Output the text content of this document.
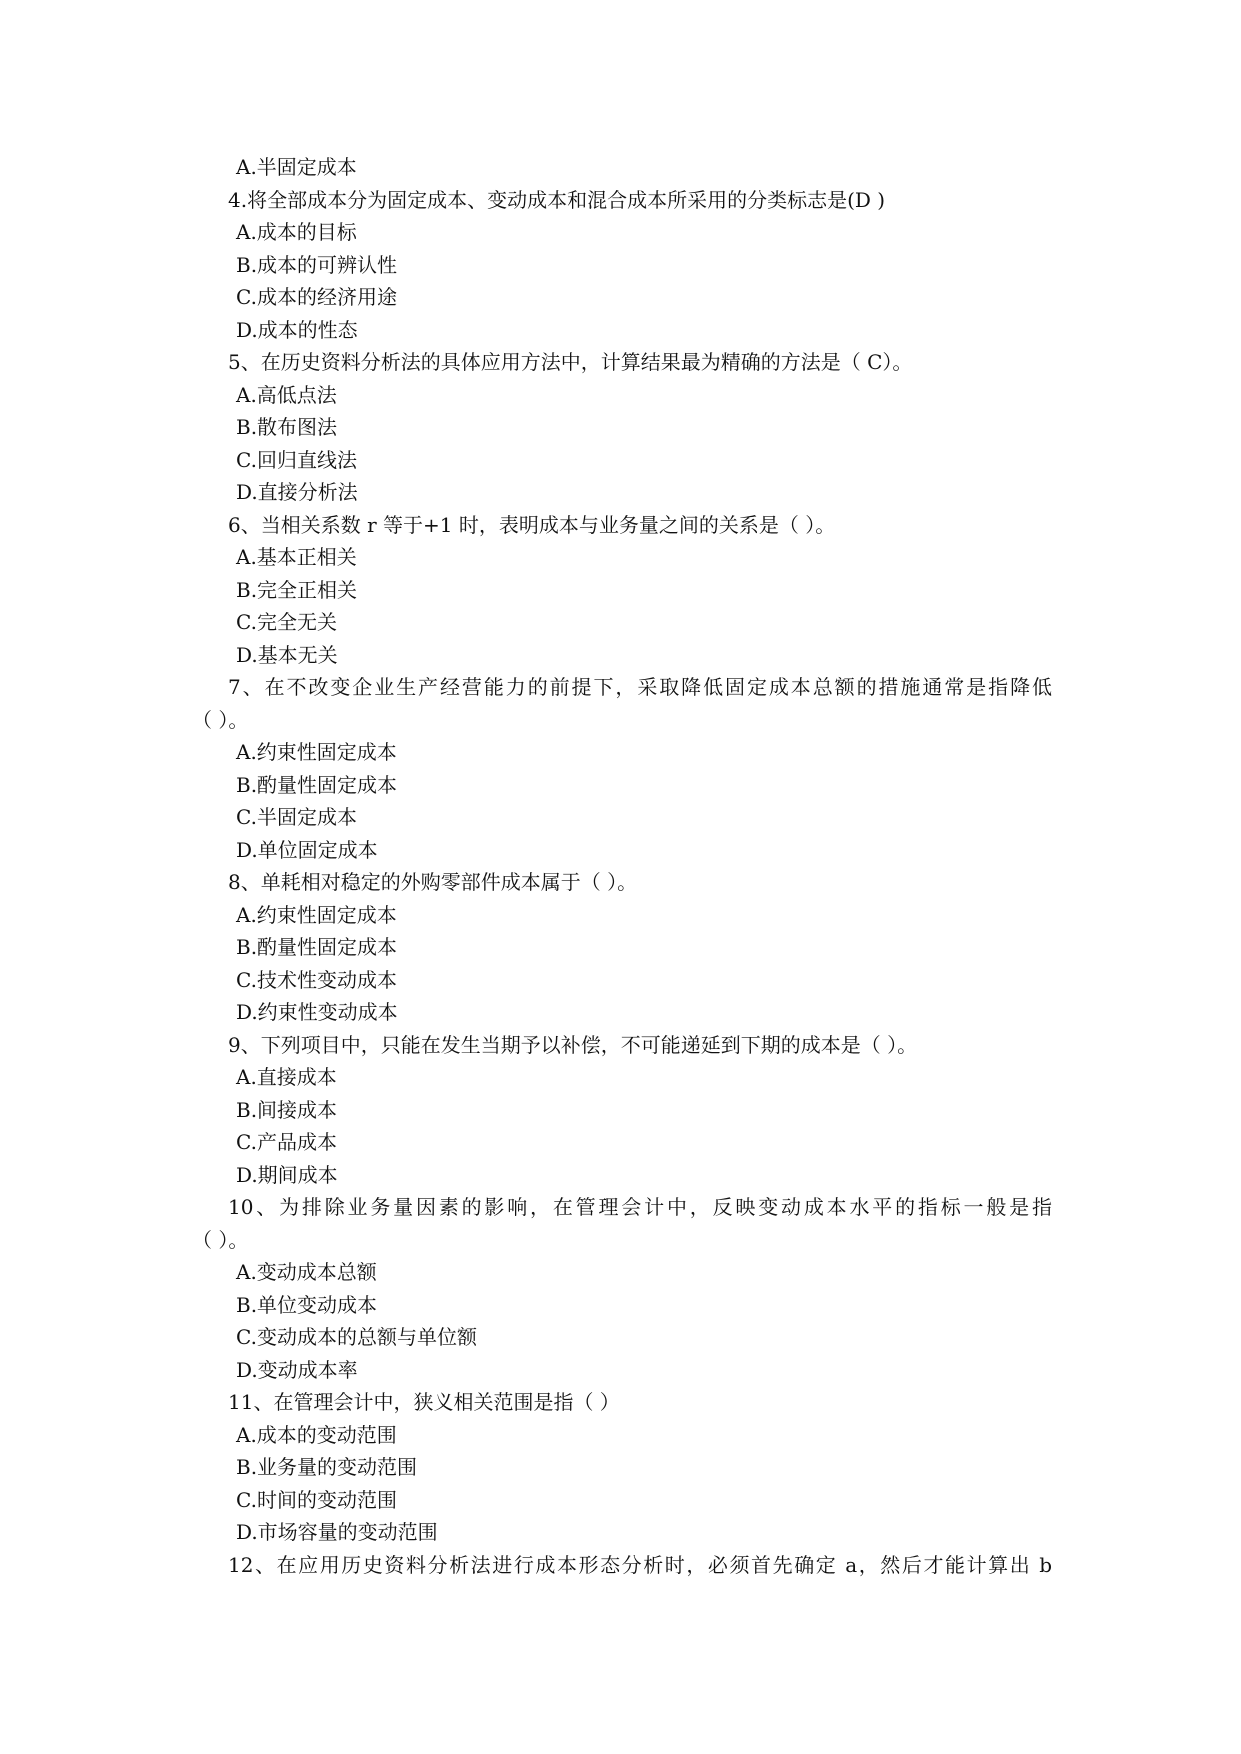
A.半固定成本
4.将全部成本分为固定成本、变动成本和混合成本所采用的分类标志是(D )
A.成本的目标
B.成本的可辨认性
C.成本的经济用途
D.成本的性态
5、在历史资料分析法的具体应用方法中，计算结果最为精确的方法是（ C）。
A.高低点法
B.散布图法
C.回归直线法
D.直接分析法
6、当相关系数 r 等于+1 时，表明成本与业务量之间的关系是（ ）。
A.基本正相关
B.完全正相关
C.完全无关
D.基本无关
7、在不改变企业生产经营能力的前提下，采取降低固定成本总额的措施通常是指降低
（ ）。
A.约束性固定成本
B.酌量性固定成本
C.半固定成本
D.单位固定成本
8、单耗相对稳定的外购零部件成本属于（ ）。
A.约束性固定成本
B.酌量性固定成本
C.技术性变动成本
D.约束性变动成本
9、下列项目中，只能在发生当期予以补偿，不可能递延到下期的成本是（ ）。
A.直接成本
B.间接成本
C.产品成本
D.期间成本
10、为排除业务量因素的影响，在管理会计中，反映变动成本水平的指标一般是指
（ ）。
A.变动成本总额
B.单位变动成本
C.变动成本的总额与单位额
D.变动成本率
11、在管理会计中，狭义相关范围是指（ ）
A.成本的变动范围
B.业务量的变动范围
C.时间的变动范围
D.市场容量的变动范围
12、在应用历史资料分析法进行成本形态分析时，必须首先确定 a，然后才能计算出 b
